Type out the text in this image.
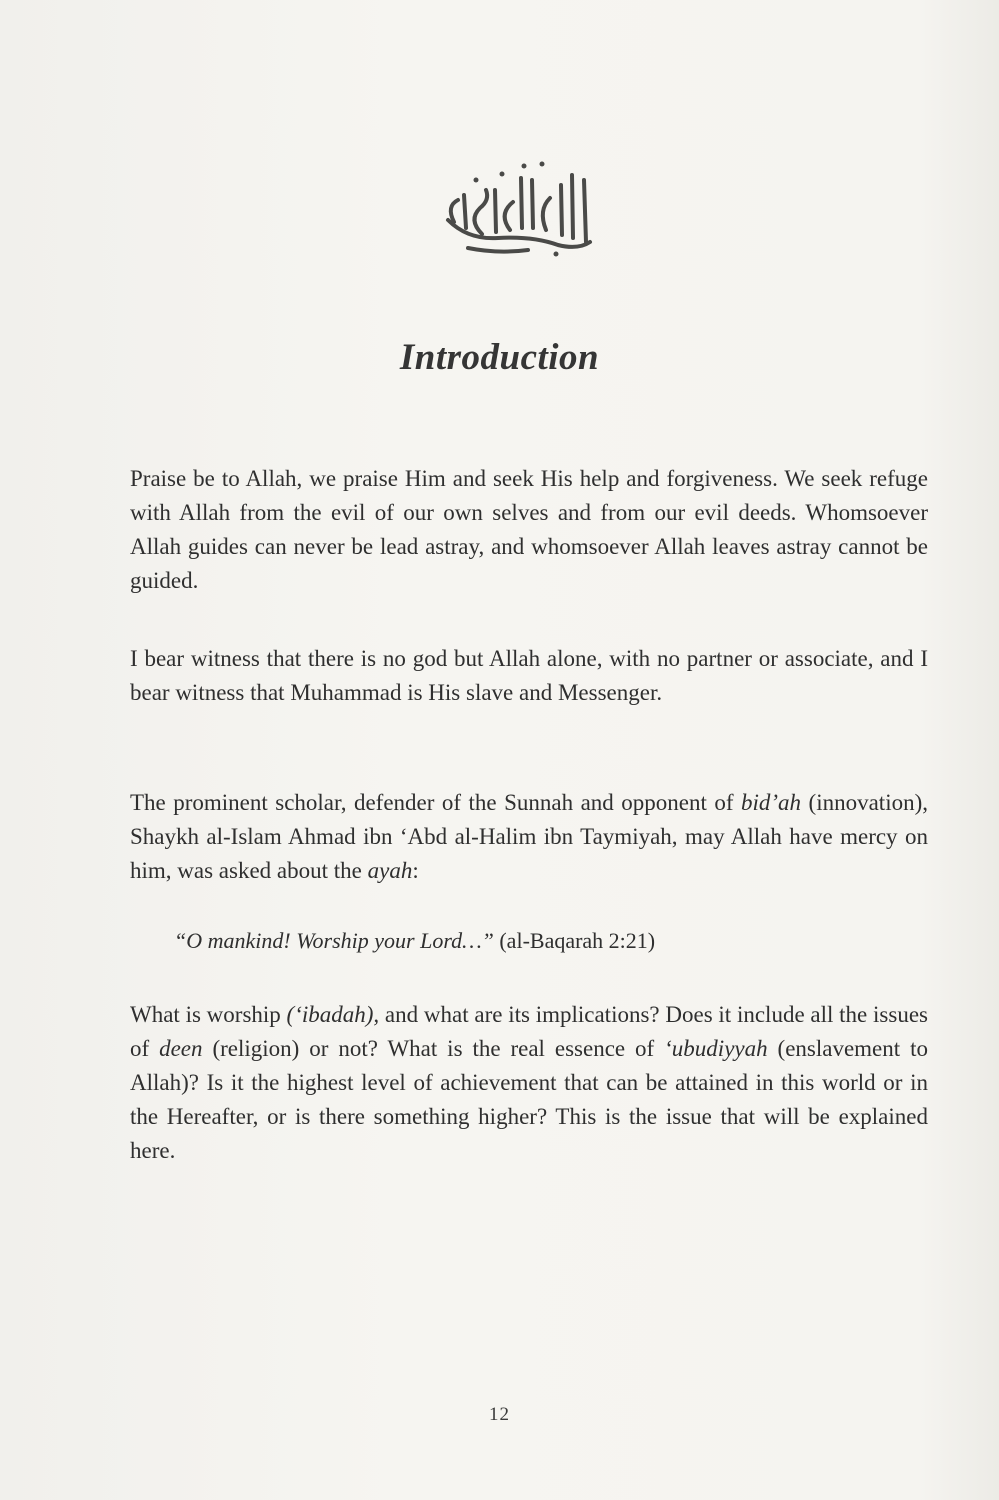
Introduction

Praise be to Allah, we praise Him and seek His help and forgiveness. We seek refuge with Allah from the evil of our own selves and from our evil deeds. Whomsoever Allah guides can never be lead astray, and whomsoever Allah leaves astray cannot be guided.

I bear witness that there is no god but Allah alone, with no partner or associate, and I bear witness that Muhammad is His slave and Messenger.

The prominent scholar, defender of the Sunnah and opponent of bid’ah (innovation), Shaykh al-Islam Ahmad ibn ‘Abd al-Halim ibn Taymiyah, may Allah have mercy on him, was asked about the ayah:

“O mankind! Worship your Lord…” (al-Baqarah 2:21)

What is worship (‘ibadah), and what are its implications? Does it include all the issues of deen (religion) or not? What is the real essence of ‘ubudiyyah (enslavement to Allah)? Is it the highest level of achievement that can be attained in this world or in the Hereafter, or is there something higher? This is the issue that will be explained here.

12
